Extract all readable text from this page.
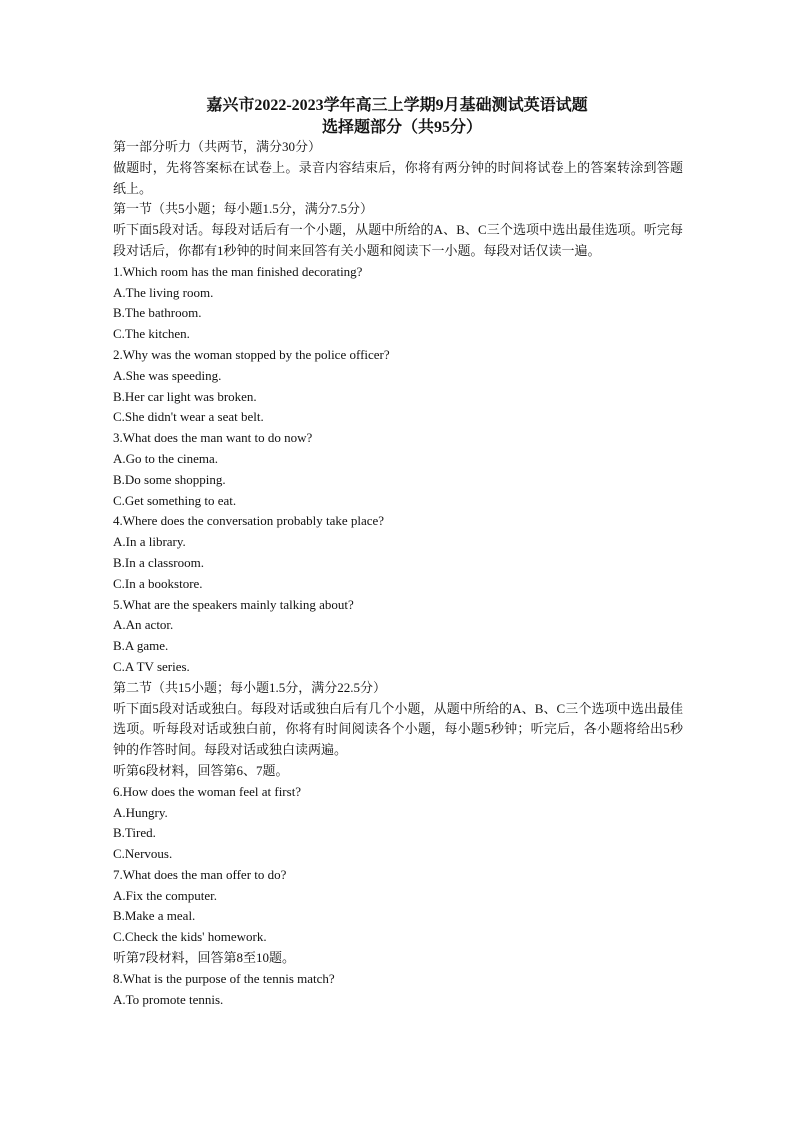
嘉兴市2022-2023学年高三上学期9月基础测试英语试题
选择题部分（共95分）
第一部分听力（共两节，满分30分）
做题时，先将答案标在试卷上。录音内容结束后，你将有两分钟的时间将试卷上的答案转涂到答题纸上。
第一节（共5小题；每小题1.5分，满分7.5分）
听下面5段对话。每段对话后有一个小题，从题中所给的A、B、C三个选项中选出最佳选项。听完每段对话后，你都有1秒钟的时间来回答有关小题和阅读下一小题。每段对话仅读一遍。
1.Which room has the man finished decorating?
A.The living room.
B.The bathroom.
C.The kitchen.
2.Why was the woman stopped by the police officer?
A.She was speeding.
B.Her car light was broken.
C.She didn't wear a seat belt.
3.What does the man want to do now?
A.Go to the cinema.
B.Do some shopping.
C.Get something to eat.
4.Where does the conversation probably take place?
A.In a library.
B.In a classroom.
C.In a bookstore.
5.What are the speakers mainly talking about?
A.An actor.
B.A game.
C.A TV series.
第二节（共15小题；每小题1.5分，满分22.5分）
听下面5段对话或独白。每段对话或独白后有几个小题，从题中所给的A、B、C三个选项中选出最佳选项。听每段对话或独白前，你将有时间阅读各个小题，每小题5秒钟；听完后，各小题将给出5秒钟的作答时间。每段对话或独白读两遍。
听第6段材料，回答第6、7题。
6.How does the woman feel at first?
A.Hungry.
B.Tired.
C.Nervous.
7.What does the man offer to do?
A.Fix the computer.
B.Make a meal.
C.Check the kids' homework.
听第7段材料，回答第8至10题。
8.What is the purpose of the tennis match?
A.To promote tennis.
